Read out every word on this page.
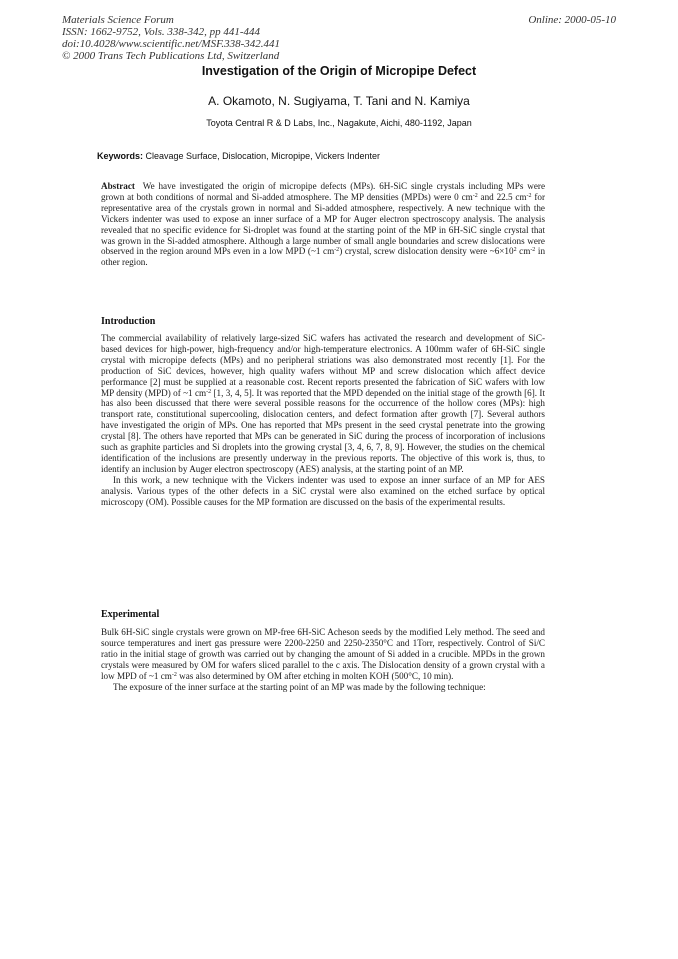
Materials Science Forum
ISSN: 1662-9752, Vols. 338-342, pp 441-444
doi:10.4028/www.scientific.net/MSF.338-342.441
© 2000 Trans Tech Publications Ltd, Switzerland
Online: 2000-05-10
Investigation of the Origin of Micropipe Defect
A. Okamoto, N. Sugiyama, T. Tani and N. Kamiya
Toyota Central R & D Labs, Inc., Nagakute, Aichi, 480-1192, Japan
Keywords: Cleavage Surface, Dislocation, Micropipe, Vickers Indenter

Abstract We have investigated the origin of micropipe defects (MPs). 6H-SiC single crystals including MPs were grown at both conditions of normal and Si-added atmosphere. The MP densities (MPDs) were 0 $cm^{-2}$ and 22.5 $cm^{-2}$ for representative area of the crystals grown in normal and Si-added atmosphere, respectively. A new technique with the Vickers indenter was used to expose an inner surface of a MP for Auger electron spectroscopy analysis. The analysis revealed that no specific evidence for Si-droplet was found at the starting point of the MP in 6H-SiC single crystal that was grown in the Si-added atmosphere. Although a large number of small angle boundaries and screw dislocations were observed in the region around MPs even in a low MPD (~1 $cm^{-2}$) crystal, screw dislocation density were $\sim 6\times 10^2$ $cm^{-2}$ in other region.

Introduction

The commercial availability of relatively large-sized SiC wafers has activated the research and development of SiC-based devices for high-power, high-frequency and/or high-temperature electronics. A 100mm wafer of 6H-SiC single crystal with micropipe defects (MPs) and no peripheral striations was also demonstrated most recently [1]. For the production of SiC devices, however, high quality wafers without MP and screw dislocation which affect device performance [2] must be supplied at a reasonable cost. Recent reports presented the fabrication of SiC wafers with low MP density (MPD) of ~1 $cm^{-2}$ [1, 3, 4, 5]. It was reported that the MPD depended on the initial stage of the growth [6]. It has also been discussed that there were several possible reasons for the occurrence of the hollow cores (MPs): high transport rate, constitutional supercooling, dislocation centers, and defect formation after growth [7]. Several authors have investigated the origin of MPs. One has reported that MPs present in the seed crystal penetrate into the growing crystal [8]. The others have reported that MPs can be generated in SiC during the process of incorporation of inclusions such as graphite particles and Si droplets into the growing crystal [3, 4, 6, 7, 8, 9]. However, the studies on the chemical identification of the inclusions are presently underway in the previous reports. The objective of this work is, thus, to identify an inclusion by Auger electron spectroscopy (AES) analysis, at the starting point of an MP.

In this work, a new technique with the Vickers indenter was used to expose an inner surface of an MP for AES analysis. Various types of the other defects in a SiC crystal were also examined on the etched surface by optical microscopy (OM). Possible causes for the MP formation are discussed on the basis of the experimental results.

Experimental

Bulk 6H-SiC single crystals were grown on MP-free 6H-SiC Acheson seeds by the modified Lely method. The seed and source temperatures and inert gas pressure were 2200-2250 and 2250-2350°C and 1Torr, respectively. Control of Si/C ratio in the initial stage of growth was carried out by changing the amount of Si added in a crucible. MPDs in the grown crystals were measured by OM for wafers sliced parallel to the c axis. The Dislocation density of a grown crystal with a low MPD of ~1 $cm^{-2}$ was also determined by OM after etching in molten KOH (500°C, 10 min).

The exposure of the inner surface at the starting point of an MP was made by the following technique:
